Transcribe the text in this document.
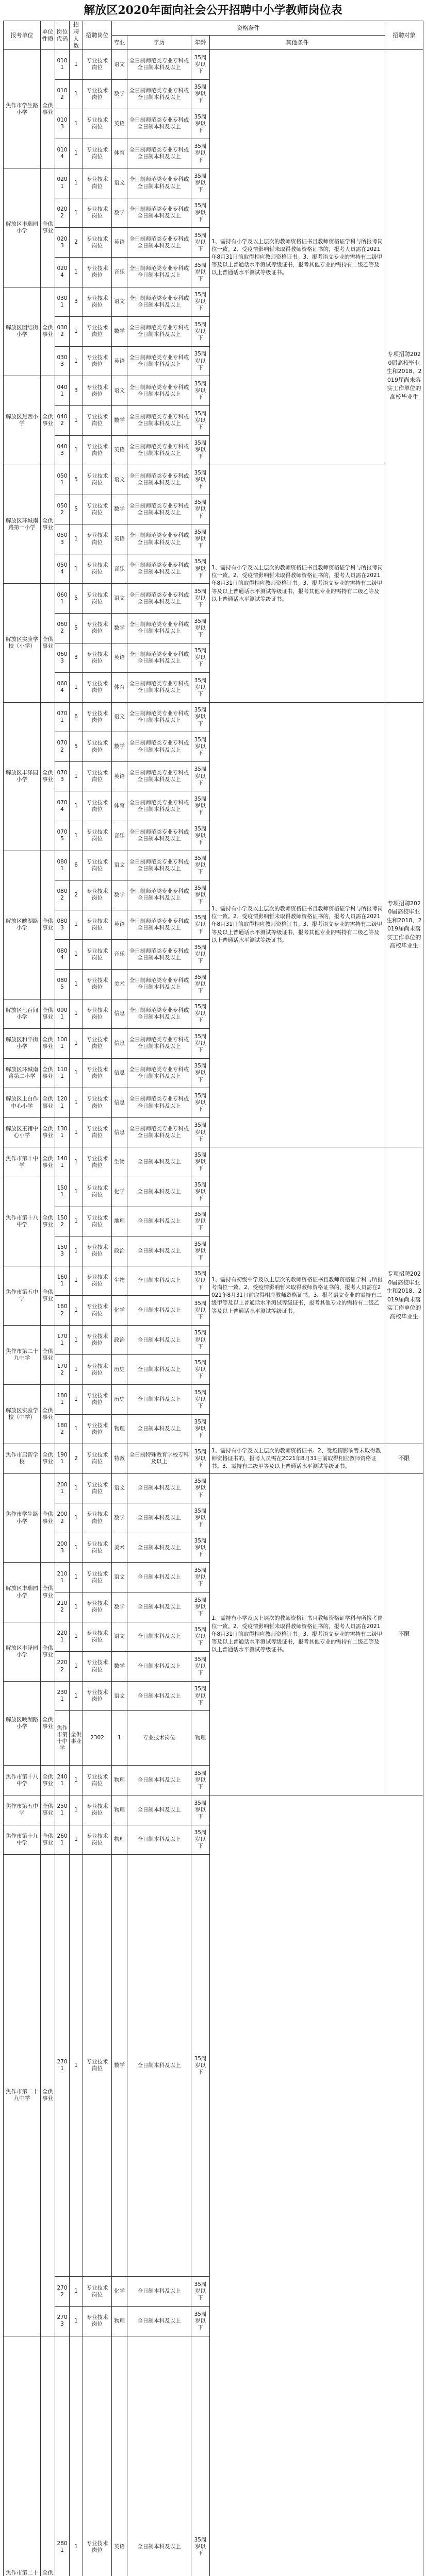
解放区2020年面向社会公开招聘中小学教师岗位表
报考单位	单位性质	岗位代码	招聘人数	招聘岗位	资格条件				招聘对象	
					专业	学历	年龄	其他条件		
焦作市学生路小学	全供事业	0101	1	专业技术岗位	语文	全日制师范类专业专科或全日制本科及以上	35周岁以下	1、需持有小学及以上层次的教师资格证书且教师资格证学科与所报考岗位一致。2、受疫情影响暂未取得教师资格证书的，报考人员需在2021年8月31日前取得相应教师资格证书。3、报考语文专业的需持有二级甲等及以上普通话水平测试等级证书，报考其他专业的需持有二级乙等及以上普通话水平测试等级证书。	专项招聘2020届高校毕业生和2018、2019届尚未落实工作单位的高校毕业生	
		0102	1	专业技术岗位	数学	全日制师范类专业专科或全日制本科及以上	35周岁以下			
		0103	1	专业技术岗位	英语	全日制师范类专业专科或全日制本科及以上	35周岁以下			
		0104	1	专业技术岗位	体育	全日制师范类专业专科或全日制本科及以上	35周岁以下			
解放区丰瑞园小学	全供事业	0201	1	专业技术岗位	语文	全日制师范类专业专科或全日制本科及以上	35周岁以下			
		0202	1	专业技术岗位	数学	全日制师范类专业专科或全日制本科及以上	35周岁以下			
		0203	2	专业技术岗位	英语	全日制师范类专业专科或全日制本科及以上	35周岁以下			
		0204	1	专业技术岗位	音乐	全日制师范类专业专科或全日制本科及以上	35周岁以下			
解放区团结街小学	全供事业	0301	3	专业技术岗位	语文	全日制师范类专业专科或全日制本科及以上	35周岁以下			
		0302	1	专业技术岗位	数学	全日制师范类专业专科或全日制本科及以上	35周岁以下			
		0303	1	专业技术岗位	英语	全日制师范类专业专科或全日制本科及以上	35周岁以下			
解放区焦西小学	全供事业	0401	3	专业技术岗位	语文	全日制师范类专业专科或全日制本科及以上	35周岁以下			
		0402	1	专业技术岗位	数学	全日制师范类专业专科或全日制本科及以上	35周岁以下			
		0403	1	专业技术岗位	英语	全日制师范类专业专科或全日制本科及以上	35周岁以下			
解放区环城南路第一小学	全供事业	0501	5	专业技术岗位	语文	全日制师范类专业专科或全日制本科及以上	35周岁以下	1、需持有小学及以上层次的教师资格证书且教师资格证学科与所报考岗位一致。2、受疫情影响暂未取得教师资格证书的，报考人员需在2021年8月31日前取得相应教师资格证书。3、报考语文专业的需持有二级甲等及以上普通话水平测试等级证书，报考其他专业的需持有二级乙等及以上普通话水平测试等级证书。		
		0502	5	专业技术岗位	数学	全日制师范类专业专科或全日制本科及以上	35周岁以下			
		0503	1	专业技术岗位	英语	全日制师范类专业专科或全日制本科及以上	35周岁以下			
		0504	1	专业技术岗位	音乐	全日制师范类专业专科或全日制本科及以上	35周岁以下			
解放区实验学校（小学）	全供事业	0601	5	专业技术岗位	语文	全日制师范类专业专科或全日制本科及以上	35周岁以下			
		0602	5	专业技术岗位	数学	全日制师范类专业专科或全日制本科及以上	35周岁以下			
		0603	3	专业技术岗位	英语	全日制师范类专业专科或全日制本科及以上	35周岁以下			
		0604	1	专业技术岗位	体育	全日制师范类专业专科或全日制本科及以上	35周岁以下			
解放区丰泽园小学	全供事业	0701	6	专业技术岗位	语文	全日制师范类专业专科或全日制本科及以上	35周岁以下	1、需持有小学及以上层次的教师资格证书且教师资格证学科与所报考岗位一致。2、受疫情影响暂未取得教师资格证书的，报考人员需在2021年8月31日前取得相应教师资格证书。3、报考语文专业的需持有二级甲等及以上普通话水平测试等级证书，报考其他专业的需持有二级乙等及以上普通话水平测试等级证书。	专项招聘2020届高校毕业生和2018、2019届尚未落实工作单位的高校毕业生	
		0702	5	专业技术岗位	数学	全日制师范类专业专科或全日制本科及以上	35周岁以下			
		0703	1	专业技术岗位	英语	全日制师范类专业专科或全日制本科及以上	35周岁以下			
		0704	1	专业技术岗位	体育	全日制师范类专业专科或全日制本科及以上	35周岁以下			
		0705	1	专业技术岗位	音乐	全日制师范类专业专科或全日制本科及以上	35周岁以下			
解放区映湖路小学	全供事业	0801	6	专业技术岗位	语文	全日制师范类专业专科或全日制本科及以上	35周岁以下			
		0802	2	专业技术岗位	数学	全日制师范类专业专科或全日制本科及以上	35周岁以下			
		0803	1	专业技术岗位	英语	全日制师范类专业专科或全日制本科及以上	35周岁以下			
		0804	1	专业技术岗位	音乐	全日制师范类专业专科或全日制本科及以上	35周岁以下			
		0805	1	专业技术岗位	美术	全日制师范类专业专科或全日制本科及以上	35周岁以下			
解放区七百间小学	全供事业	0901	1	专业技术岗位	信息	全日制师范类专业专科或全日制本科及以上	35周岁以下			
解放区和平街小学	全供事业	1001	1	专业技术岗位	信息	全日制师范类专业专科或全日制本科及以上	35周岁以下			
解放区环城南路第二小学	全供事业	1101	1	专业技术岗位	信息	全日制师范类专业专科或全日制本科及以上	35周岁以下			
解放区上白作中心小学	全供事业	1201	1	专业技术岗位	信息	全日制师范类专业专科或全日制本科及以上	35周岁以下			
解放区王褚中心小学	全供事业	1301	1	专业技术岗位	信息	全日制师范类专业专科或全日制本科及以上	35周岁以下			
焦作市第十中学	全供事业	1401	1	专业技术岗位	生物	全日制本科及以上	35周岁以下	1、需持有初级中学及以上层次的教师资格证书且教师资格证学科与所报考岗位一致。2、受疫情影响暂未取得教师资格证书的，报考人员需在2021年8月31日前取得相应教师资格证书。3、报考语文专业的需持有二级甲等及以上普通话水平测试等级证书，报考其他专业的需持有二级乙等及以上普通话水平测试等级证书。	专项招聘2020届高校毕业生和2018、2019届尚未落实工作单位的高校毕业生	
焦作市第十八中学	全供事业	1501	1	专业技术岗位	化学	全日制本科及以上	35周岁以下			
		1502	1	专业技术岗位	地理	全日制本科及以上	35周岁以下			
		1503	1	专业技术岗位	政治	全日制本科及以上	35周岁以下			
焦作市第五中学	全供事业	1601	1	专业技术岗位	生物	全日制本科及以上	35周岁以下			
		1602	1	专业技术岗位	化学	全日制本科及以上	35周岁以下			
焦作市第二十九中学	全供事业	1701	1	专业技术岗位	政治	全日制本科及以上	35周岁以下			
		1702	1	专业技术岗位	历史	全日制本科及以上	35周岁以下			
解放区实验学校（中学）	全供事业	1801	1	专业技术岗位	历史	全日制本科及以上	35周岁以下			
		1802	1	专业技术岗位	物理	全日制本科及以上	35周岁以下			
焦作市启智学校	全供事业	1901	2	专业技术岗位	特教	全日制特殊教育学校专科及以上	35周岁以下	1、需持有小学及以上层次的教师资格证书。2、受疫情影响暂未取得教师资格证书的，报考人员需在2021年8月31日前取得相应教师资格证书。3、需持有二级甲等及以上普通话水平测试等级证书。	不限	
焦作市学生路小学	全供事业	2001	1	专业技术岗位	语文	全日制本科及以上	35周岁以下	1、需持有小学及以上层次的教师资格证书且教师资格证学科与所报考岗位一致。2、受疫情影响暂未取得教师资格证书的，报考人员需在2021年8月31日前取得相应教师资格证书。3、报考语文专业的需持有二级甲等及以上普通话水平测试等级证书，报考其他专业的需持有二级乙等及以上普通话水平测试等级证书。	不限	
		2002	1	专业技术岗位	数学	全日制本科及以上	35周岁以下			
		2003	1	专业技术岗位	美术	全日制本科及以上	35周岁以下			
解放区丰瑞园小学	全供事业	2101	1	专业技术岗位	语文	全日制本科及以上	35周岁以下			
		2102	1	专业技术岗位	数学	全日制本科及以上	35周岁以下			
解放区丰泽园小学	全供事业	2201	1	专业技术岗位	语文	全日制本科及以上	35周岁以下			
		2202	1	专业技术岗位	数学	全日制本科及以上	35周岁以下			
解放区映湖路小学	全供事业	2301	1	专业技术岗位	语文	全日制本科及以上	35周岁以下			
		焦作市第十中学	全供事业	2302	1	专业技术岗位	物理				
焦作市第十八中学	全供事业	2401	1	专业技术岗位	物理	全日制本科及以上	35周岁以下			
焦作市第五中学	全供事业	2501	1	专业技术岗位	物理	全日制本科及以上	35周岁以下			
焦作市第十九中学	全供事业	2601	1	专业技术岗位	物理	全日制本科及以上	35周岁以下			
焦作市第二十九中学	全供事业	2701	1	专业技术岗位	数学	全日制本科及以上	35周岁以下			
		2702	1	专业技术岗位	化学	全日制本科及以上	35周岁以下			
		2703	1	专业技术岗位	物理	全日制本科及以上	35周岁以下			
焦作市第二十	全供	2801	1	专业技术岗位	英语	全日制本科及以上	35周岁以下			
